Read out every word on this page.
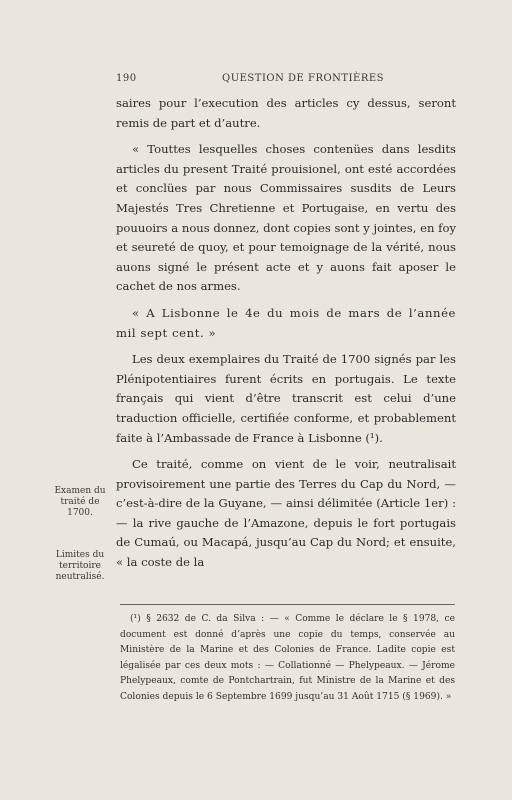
190	QUESTION DE FRONTIÈRES

saires pour l’execution des articles cy dessus, seront remis de part et d’autre.

« Touttes lesquelles choses contenües dans lesdits articles du present Traité prouisionel, ont esté accordées et conclües par nous Commissaires susdits de Leurs Majestés Tres Chretienne et Portugaise, en vertu des pouuoirs a nous donnez, dont copies sont y jointes, en foy et seureté de quoy, et pour temoignage de la vérité, nous auons signé le présent acte et y auons fait aposer le cachet de nos armes.

« A Lisbonne le 4e du mois de mars de l’année mil sept cent. »

Les deux exemplaires du Traité de 1700 signés par les Plénipotentiaires furent écrits en portugais. Le texte français qui vient d’être transcrit est celui d’une traduction officielle, certifiée conforme, et probablement faite à l’Ambassade de France à Lisbonne (¹).

Ce traité, comme on vient de le voir, neutralisait provisoirement une partie des Terres du Cap du Nord, — c’est-à-dire de la Guyane, — ainsi délimitée (Article 1er) : — la rive gauche de l’Amazone, depuis le fort portugais de Cumaú, ou Macapá, jusqu’au Cap du Nord; et ensuite, « la coste de la

Examen du traité de 1700.
Limites du territoire neutralisé.

(¹) § 2632 de C. da Silva : — « Comme le déclare le § 1978, ce document est donné d’après une copie du temps, conservée au Ministère de la Marine et des Colonies de France. Ladite copie est légalisée par ces deux mots : — Collationné — Phelypeaux. — Jérome Phelypeaux, comte de Pontchartrain, fut Ministre de la Marine et des Colonies depuis le 6 Septembre 1699 jusqu’au 31 Août 1715 (§ 1969). »
